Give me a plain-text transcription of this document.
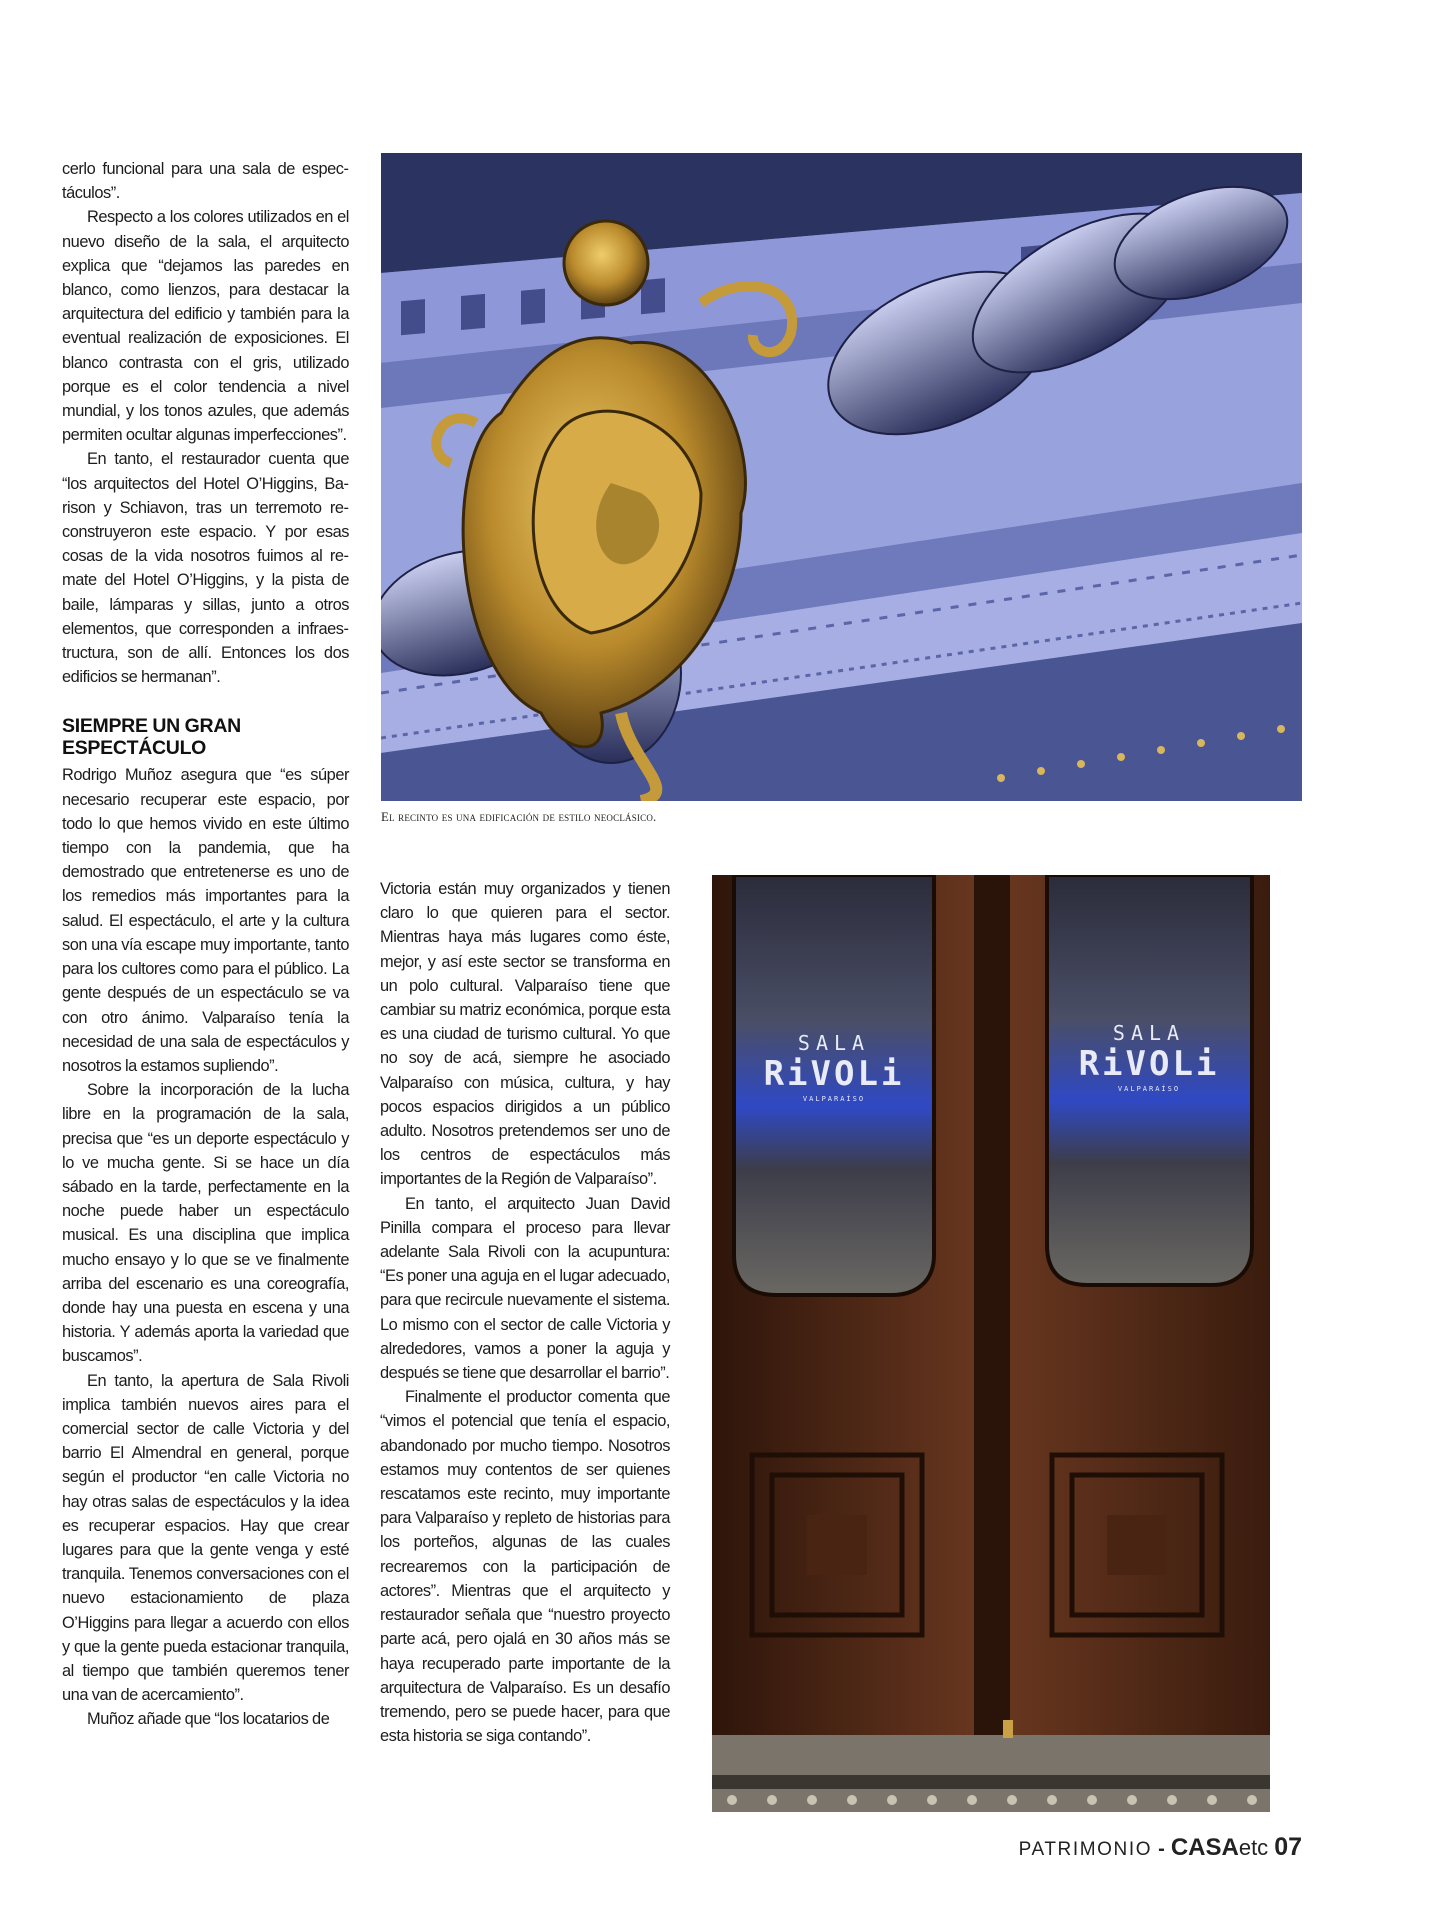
cerlo funcional para una sala de espectáculos”.

Respecto a los colores utilizados en el nuevo diseño de la sala, el arquitecto explica que “dejamos las paredes en blanco, como lienzos, para destacar la arquitectura del edificio y también para la eventual realización de exposiciones. El blanco contrasta con el gris, utilizado porque es el color tendencia a nivel mundial, y los tonos azules, que además permiten ocultar algunas imperfecciones”.

En tanto, el restaurador cuenta que “los arquitectos del Hotel O’Higgins, Barison y Schiavon, tras un terremoto reconstruyeron este espacio. Y por esas cosas de la vida nosotros fuimos al remate del Hotel O’Higgins, y la pista de baile, lámparas y sillas, junto a otros elementos, que corresponden a infraestructura, son de allí. Entonces los dos edificios se hermanan”.

SIEMPRE UN GRAN ESPECTÁCULO

Rodrigo Muñoz asegura que “es súper necesario recuperar este espacio, por todo lo que hemos vivido en este último tiempo con la pandemia, que ha demostrado que entretenerse es uno de los remedios más importantes para la salud. El espectáculo, el arte y la cultura son una vía escape muy importante, tanto para los cultores como para el público. La gente después de un espectáculo se va con otro ánimo. Valparaíso tenía la necesidad de una sala de espectáculos y nosotros la estamos supliendo”.

Sobre la incorporación de la lucha libre en la programación de la sala, precisa que “es un deporte espectáculo y lo ve mucha gente. Si se hace un día sábado en la tarde, perfectamente en la noche puede haber un espectáculo musical. Es una disciplina que implica mucho ensayo y lo que se ve finalmente arriba del escenario es una coreografía, donde hay una puesta en escena y una historia. Y además aporta la variedad que buscamos”.

En tanto, la apertura de Sala Rivoli implica también nuevos aires para el comercial sector de calle Victoria y del barrio El Almendral en general, porque según el productor “en calle Victoria no hay otras salas de espectáculos y la idea es recuperar espacios. Hay que crear lugares para que la gente venga y esté tranquila. Tenemos conversaciones con el nuevo estacionamiento de plaza O’Higgins para llegar a acuerdo con ellos y que la gente pueda estacionar tranquila, al tiempo que también queremos tener una van de acercamiento”.

Muñoz añade que “los locatarios de

El recinto es una edificación de estilo neoclásico.

Victoria están muy organizados y tienen claro lo que quieren para el sector. Mientras haya más lugares como éste, mejor, y así este sector se transforma en un polo cultural. Valparaíso tiene que cambiar su matriz económica, porque esta es una ciudad de turismo cultural. Yo que no soy de acá, siempre he asociado Valparaíso con música, cultura, y hay pocos espacios dirigidos a un público adulto. Nosotros pretendemos ser uno de los centros de espectáculos más importantes de la Región de Valparaíso”.

En tanto, el arquitecto Juan David Pinilla compara el proceso para llevar adelante Sala Rivoli con la acupuntura: “Es poner una aguja en el lugar adecuado, para que recircule nuevamente el sistema. Lo mismo con el sector de calle Victoria y alrededores, vamos a poner la aguja y después se tiene que desarrollar el barrio”.

Finalmente el productor comenta que “vimos el potencial que tenía el espacio, abandonado por mucho tiempo. Nosotros estamos muy contentos de ser quienes rescatamos este recinto, muy importante para Valparaíso y repleto de historias para los porteños, algunas de las cuales recrearemos con la participación de actores”. Mientras que el arquitecto y restaurador señala que “nuestro proyecto parte acá, pero ojalá en 30 años más se haya recuperado parte importante de la arquitectura de Valparaíso. Es un desafío tremendo, pero se puede hacer, para que esta historia se siga contando”.

SALA
RiVOLi
VALPARAÍSO
SALA
RiVOLi
VALPARAÍSO
PATRIMONIO - CASAetc 07
